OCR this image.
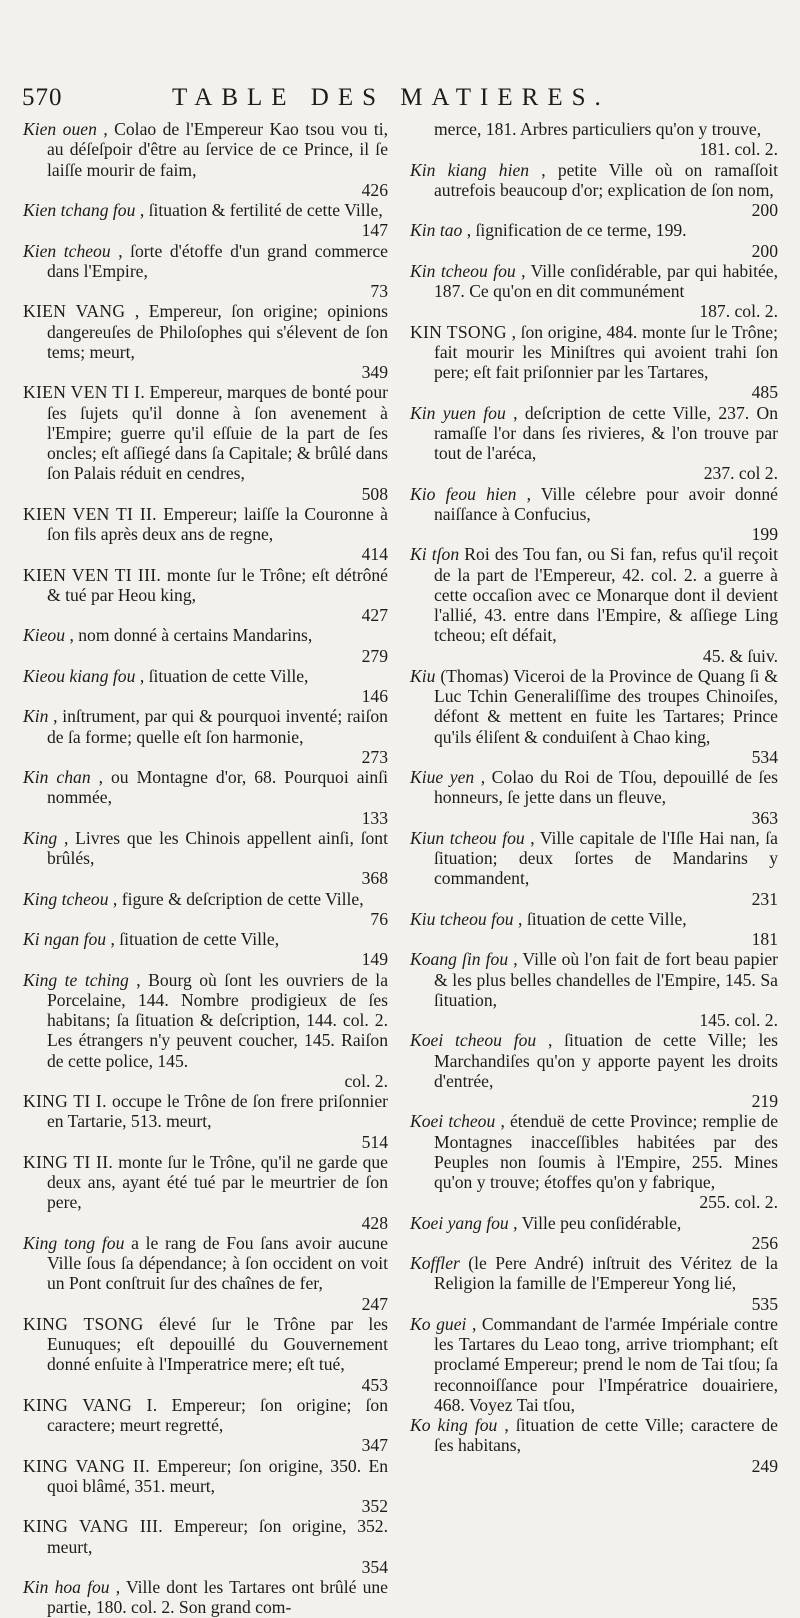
570	TABLE DES MATIERES.
Kien ouen , Colao de l'Empereur Kao tsou vou ti, au déſeſpoir d'être au ſervice de ce Prince, il ſe laiſſe mourir de faim,
426
Kien tchang fou , ſituation & fertilité de cette Ville,
147
Kien tcheou , ſorte d'étoffe d'un grand commerce dans l'Empire,
73
KIEN VANG , Empereur, ſon origine; opinions dangereuſes de Philoſophes qui s'élevent de ſon tems; meurt,
349
KIEN VEN TI I. Empereur, marques de bonté pour ſes ſujets qu'il donne à ſon avenement à l'Empire; guerre qu'il eſſuie de la part de ſes oncles; eſt aſſiegé dans ſa Capitale; & brûlé dans ſon Palais réduit en cendres,
508
KIEN VEN TI II. Empereur; laiſſe la Couronne à ſon fils après deux ans de regne,
414
KIEN VEN TI III. monte ſur le Trône; eſt détrôné & tué par Heou king,
427
Kieou , nom donné à certains Mandarins,
279
Kieou kiang fou , ſituation de cette Ville,
146
Kin , inſtrument, par qui & pourquoi inventé; raiſon de ſa forme; quelle eſt ſon harmonie,
273
Kin chan , ou Montagne d'or, 68. Pourquoi ainſi nommée,
133
King , Livres que les Chinois appellent ainſi, ſont brûlés,
368
King tcheou , figure & deſcription de cette Ville,
76
Ki ngan fou , ſituation de cette Ville,
149
King te tching , Bourg où ſont les ouvriers de la Porcelaine, 144. Nombre prodigieux de ſes habitans; ſa ſituation & deſcription, 144. col. 2. Les étrangers n'y peuvent coucher, 145. Raiſon de cette police, 145.
col. 2.
KING TI I. occupe le Trône de ſon frere priſonnier en Tartarie, 513. meurt,
514
KING TI II. monte ſur le Trône, qu'il ne garde que deux ans, ayant été tué par le meurtrier de ſon pere,
428
King tong fou a le rang de Fou ſans avoir aucune Ville ſous ſa dépendance; à ſon occident on voit un Pont conſtruit ſur des chaînes de fer,
247
KING TSONG élevé ſur le Trône par les Eunuques; eſt depouillé du Gouvernement donné enſuite à l'Imperatrice mere; eſt tué,
453
KING VANG I. Empereur; ſon origine; ſon caractere; meurt regretté,
347
KING VANG II. Empereur; ſon origine, 350. En quoi blâmé, 351. meurt,
352
KING VANG III. Empereur; ſon origine, 352. meurt,
354
Kin hoa fou , Ville dont les Tartares ont brûlé une partie, 180. col. 2. Son grand com-
merce, 181. Arbres particuliers qu'on y trouve,
181. col. 2.
Kin kiang hien , petite Ville où on ramaſſoit autrefois beaucoup d'or; explication de ſon nom,
200
Kin tao , ſignification de ce terme, 199.
200
Kin tcheou fou , Ville conſidérable, par qui habitée, 187. Ce qu'on en dit communément
187. col. 2.
KIN TSONG , ſon origine, 484. monte ſur le Trône; fait mourir les Miniſtres qui avoient trahi ſon pere; eſt fait priſonnier par les Tartares,
485
Kin yuen fou , deſcription de cette Ville, 237. On ramaſſe l'or dans ſes rivieres, & l'on trouve par tout de l'aréca,
237. col 2.
Kio feou hien , Ville célebre pour avoir donné naiſſance à Confucius,
199
Ki tſon Roi des Tou fan, ou Si fan, refus qu'il reçoit de la part de l'Empereur, 42. col. 2. a guerre à cette occaſion avec ce Monarque dont il devient l'allié, 43. entre dans l'Empire, & aſſiege Ling tcheou; eſt défait,
45. & ſuiv.
Kiu (Thomas) Viceroi de la Province de Quang ſi & Luc Tchin Generaliſſime des troupes Chinoiſes, défont & mettent en fuite les Tartares; Prince qu'ils éliſent & conduiſent à Chao king,
534
Kiue yen , Colao du Roi de Tſou, depouillé de ſes honneurs, ſe jette dans un fleuve,
363
Kiun tcheou fou , Ville capitale de l'Iſle Hai nan, ſa ſituation; deux ſortes de Mandarins y commandent,
231
Kiu tcheou fou , ſituation de cette Ville,
181
Koang ſin fou , Ville où l'on fait de fort beau papier & les plus belles chandelles de l'Empire, 145. Sa ſituation,
145. col. 2.
Koei tcheou fou , ſituation de cette Ville; les Marchandiſes qu'on y apporte payent les droits d'entrée,
219
Koei tcheou , étenduë de cette Province; remplie de Montagnes inacceſſibles habitées par des Peuples non ſoumis à l'Empire, 255. Mines qu'on y trouve; étoffes qu'on y fabrique,
255. col. 2.
Koei yang fou , Ville peu conſidérable,
256
Koffler (le Pere André) inſtruit des Véritez de la Religion la famille de l'Empereur Yong lié,
535
Ko guei , Commandant de l'armée Impériale contre les Tartares du Leao tong, arrive triomphant; eſt proclamé Empereur; prend le nom de Tai tſou; ſa reconnoiſſance pour l'Impératrice douairiere, 468. Voyez Tai tſou,
Ko king fou , ſituation de cette Ville; caractere de ſes habitans,
249
